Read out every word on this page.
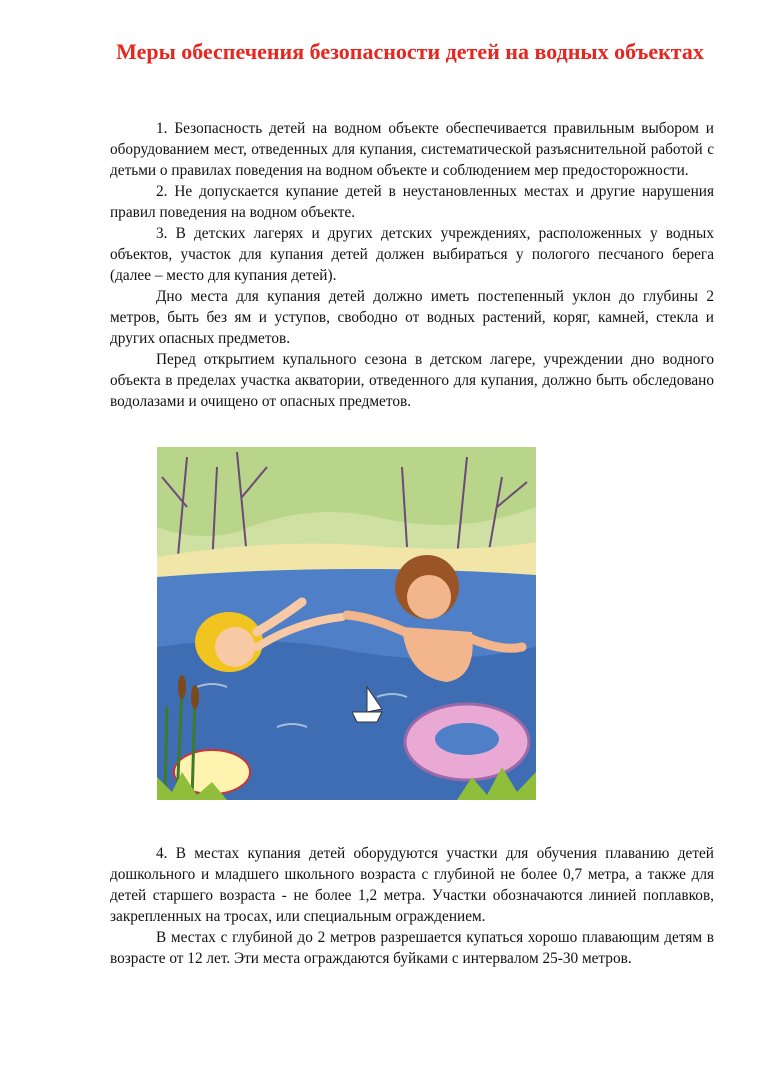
Меры обеспечения безопасности детей на водных объектах

1. Безопасность детей на водном объекте обеспечивается правильным выбором и оборудованием мест, отведенных для купания, систематической разъяснительной работой с детьми о правилах поведения на водном объекте и соблюдением мер предосторожности.

2. Не допускается купание детей в неустановленных местах и другие нарушения правил поведения на водном объекте.

3. В детских лагерях и других детских учреждениях, расположенных у водных объектов, участок для купания детей должен выбираться у пологого песчаного берега (далее – место для купания детей).

Дно места для купания детей должно иметь постепенный уклон до глубины 2 метров, быть без ям и уступов, свободно от водных растений, коряг, камней, стекла и других опасных предметов.

Перед открытием купального сезона в детском лагере, учреждении дно водного объекта в пределах участка акватории, отведенного для купания, должно быть обследовано водолазами и очищено от опасных предметов.

4. В местах купания детей оборудуются участки для обучения плаванию детей дошкольного и младшего школьного возраста с глубиной не более 0,7 метра, а также для детей старшего возраста - не более 1,2 метра. Участки обозначаются линией поплавков, закрепленных на тросах, или специальным ограждением.

В местах с глубиной до 2 метров разрешается купаться хорошо плавающим детям в возрасте от 12 лет. Эти места ограждаются буйками с интервалом 25-30 метров.
